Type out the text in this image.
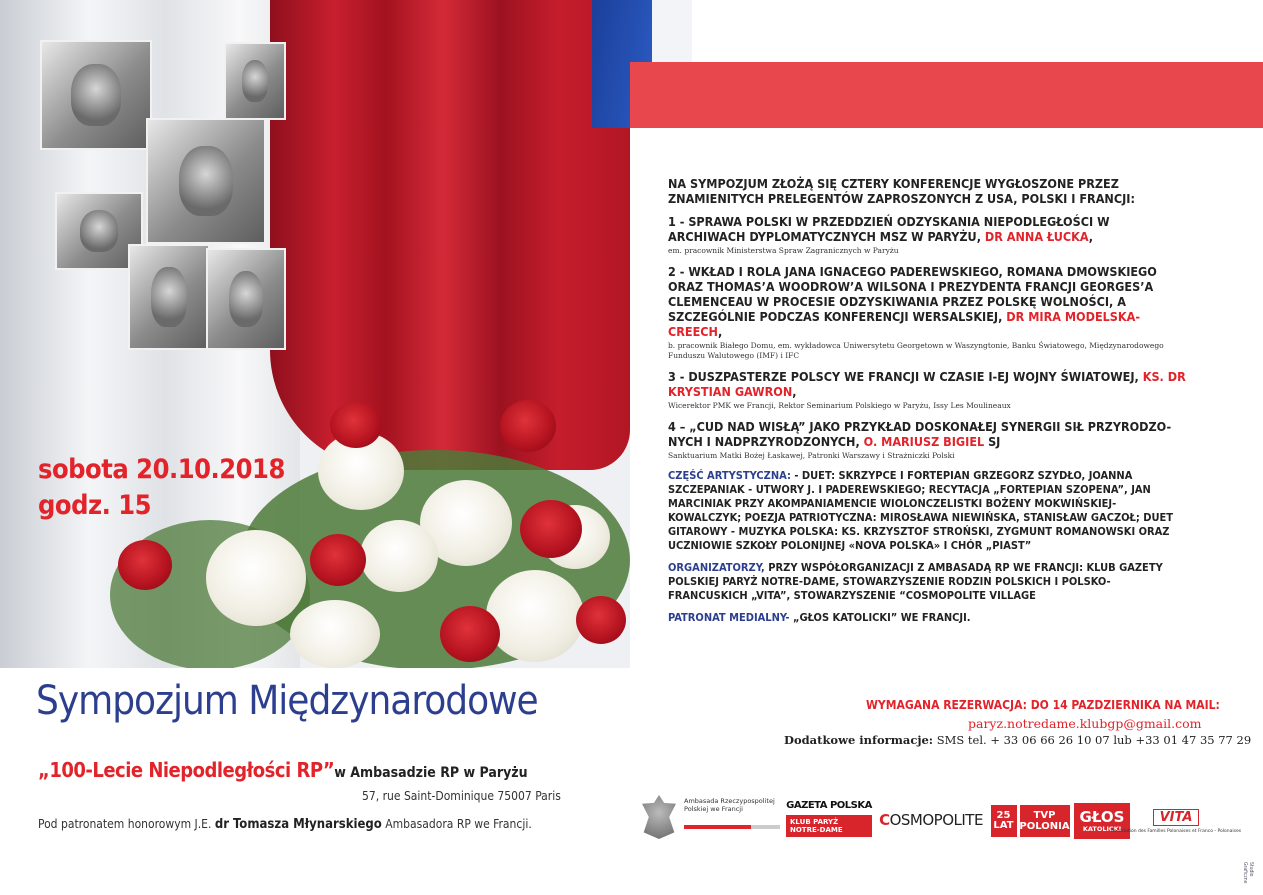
sobota 20.10.2018
godz. 15
Sympozjum Międzynarodowe
„100-Lecie Niepodległości RP”w Ambasadzie RP w Paryżu
57, rue Saint-Dominique 75007 Paris
Pod patronatem honorowym J.E. dr Tomasza Młynarskiego Ambasadora RP we Francji.
NA SYMPOZJUM ZŁOŻĄ SIĘ CZTERY KONFERENCJE WYGŁOSZONE PRZEZ ZNAMIENITYCH PRELEGENTÓW ZAPROSZONYCH Z USA, POLSKI I FRANCJI:
1 - SPRAWA POLSKI W PRZEDDZIEŃ ODZYSKANIA NIEPODLEGŁOŚCI W ARCHIWACH DYPLOMATYCZNYCH MSZ W PARYŻU, DR ANNA ŁUCKA,
em. pracownik Ministerstwa Spraw Zagranicznych w Paryżu
2 - WKŁAD I ROLA JANA IGNACEGO PADEREWSKIEGO, ROMANA DMOWSKIEGO ORAZ THOMAS’A WOODROW’A WILSONA I PREZYDENTA FRANCJI GEORGES’A CLEMENCEAU W PROCESIE ODZYSKIWANIA PRZEZ POLSKĘ WOLNOŚCI, A SZCZEGÓLNIE PODCZAS KONFERENCJI WERSALSKIEJ, DR MIRA MODELSKA-CREECH,
b. pracownik Białego Domu, em. wykładowca Uniwersytetu Georgetown w Waszyngtonie, Banku Światowego, Międzynarodowego Funduszu Walutowego (IMF) i IFC
3 - DUSZPASTERZE POLSCY WE FRANCJI W CZASIE I-EJ WOJNY ŚWIATOWEJ, KS. DR KRYSTIAN GAWRON,
Wicerektor PMK we Francji, Rektor Seminarium Polskiego w Paryżu, Issy Les Moulineaux
4 – „CUD NAD WISŁĄ” JAKO PRZYKŁAD DOSKONAŁEJ SYNERGII SIŁ PRZYRODZO-NYCH I NADPRZYRODZONYCH, O. MARIUSZ BIGIEL SJ
Sanktuarium Matki Bożej Łaskawej, Patronki Warszawy i Strażniczki Polski
CZĘŚĆ ARTYSTYCZNA: - DUET: SKRZYPCE I FORTEPIAN GRZEGORZ SZYDŁO, JOANNA SZCZEPANIAK - UTWORY J. I PADEREWSKIEGO; RECYTACJA „FORTEPIAN SZOPENA”, JAN MARCINIAK PRZY AKOMPANIAMENCIE WIOLONCZELISTKI BOŻENY MOKWIŃSKIEJ-KOWALCZYK; POEZJA PATRIOTYCZNA: MIROSŁAWA NIEWIŃSKA, STANISŁAW GACZOŁ; DUET GITAROWY - MUZYKA POLSKA: KS. KRZYSZTOF STROŃSKI, ZYGMUNT ROMANOWSKI ORAZ UCZNIOWIE SZKOŁY POLONIJNEJ «NOVA POLSKA» I CHÓR „PIAST”
ORGANIZATORZY, PRZY WSPÓŁORGANIZACJI Z AMBASADĄ RP WE FRANCJI: KLUB GAZETY POLSKIEJ PARYŻ NOTRE-DAME, STOWARZYSZENIE RODZIN POLSKICH I POLSKO-FRANCUSKICH „VITA”, STOWARZYSZENIE “COSMOPOLITE VILLAGE
PATRONAT MEDIALNY- „GŁOS KATOLICKI” WE FRANCJI.
WYMAGANA REZERWACJA: DO 14 PAZDZIERNIKA NA MAIL:
paryz.notredame.klubgp@gmail.com
Dodatkowe informacje: SMS tel. + 33 06 66 26 10 07 lub +33 01 47 35 77 29
Ambasada Rzeczypospolitej Polskiej we Francji	GAZETA POLSKA
KLUB PARYŻ NOTRE-DAME
C OSMOPOLITE 25
LAT
TVP
POLONIA
GŁOS
KATOLICKI
VITA
Association des Familles Polonaises et Franco - Polonaises
Studio Graficzne
